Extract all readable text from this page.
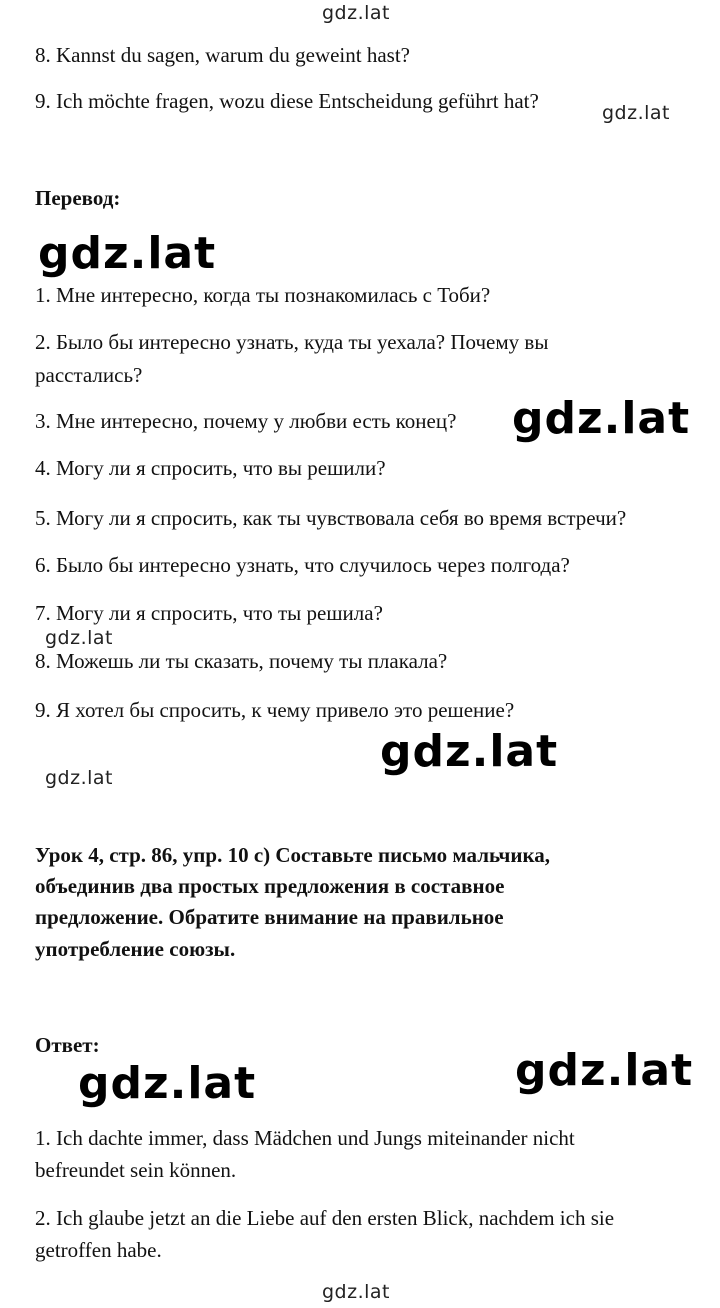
gdz.lat
gdz.lat
gdz.lat
gdz.lat
gdz.lat
gdz.lat
gdz.lat
gdz.lat	gdz.lat
gdz.lat
8. Kannst du sagen, warum du geweint hast?
9. Ich möchte fragen, wozu diese Entscheidung geführt hat?
Перевод:
1. Мне интересно, когда ты познакомилась с Тоби?
2. Было бы интересно узнать, куда ты уехала? Почему вы
расстались?
3. Мне интересно, почему у любви есть конец?
4. Могу ли я спросить, что вы решили?
5. Могу ли я спросить, как ты чувствовала себя во время встречи?
6. Было бы интересно узнать, что случилось через полгода?
7. Могу ли я спросить, что ты решила?
8. Можешь ли ты сказать, почему ты плакала?
9. Я хотел бы спросить, к чему привело это решение?
Урок 4, стр. 86, упр. 10 с) Составьте письмо мальчика,
объединив два простых предложения в составное
предложение. Обратите внимание на правильное
употребление союзы.
Ответ:
1. Ich dachte immer, dass Mädchen und Jungs miteinander nicht
befreundet sein können.
2. Ich glaube jetzt an die Liebe auf den ersten Blick, nachdem ich sie
getroffen habe.
